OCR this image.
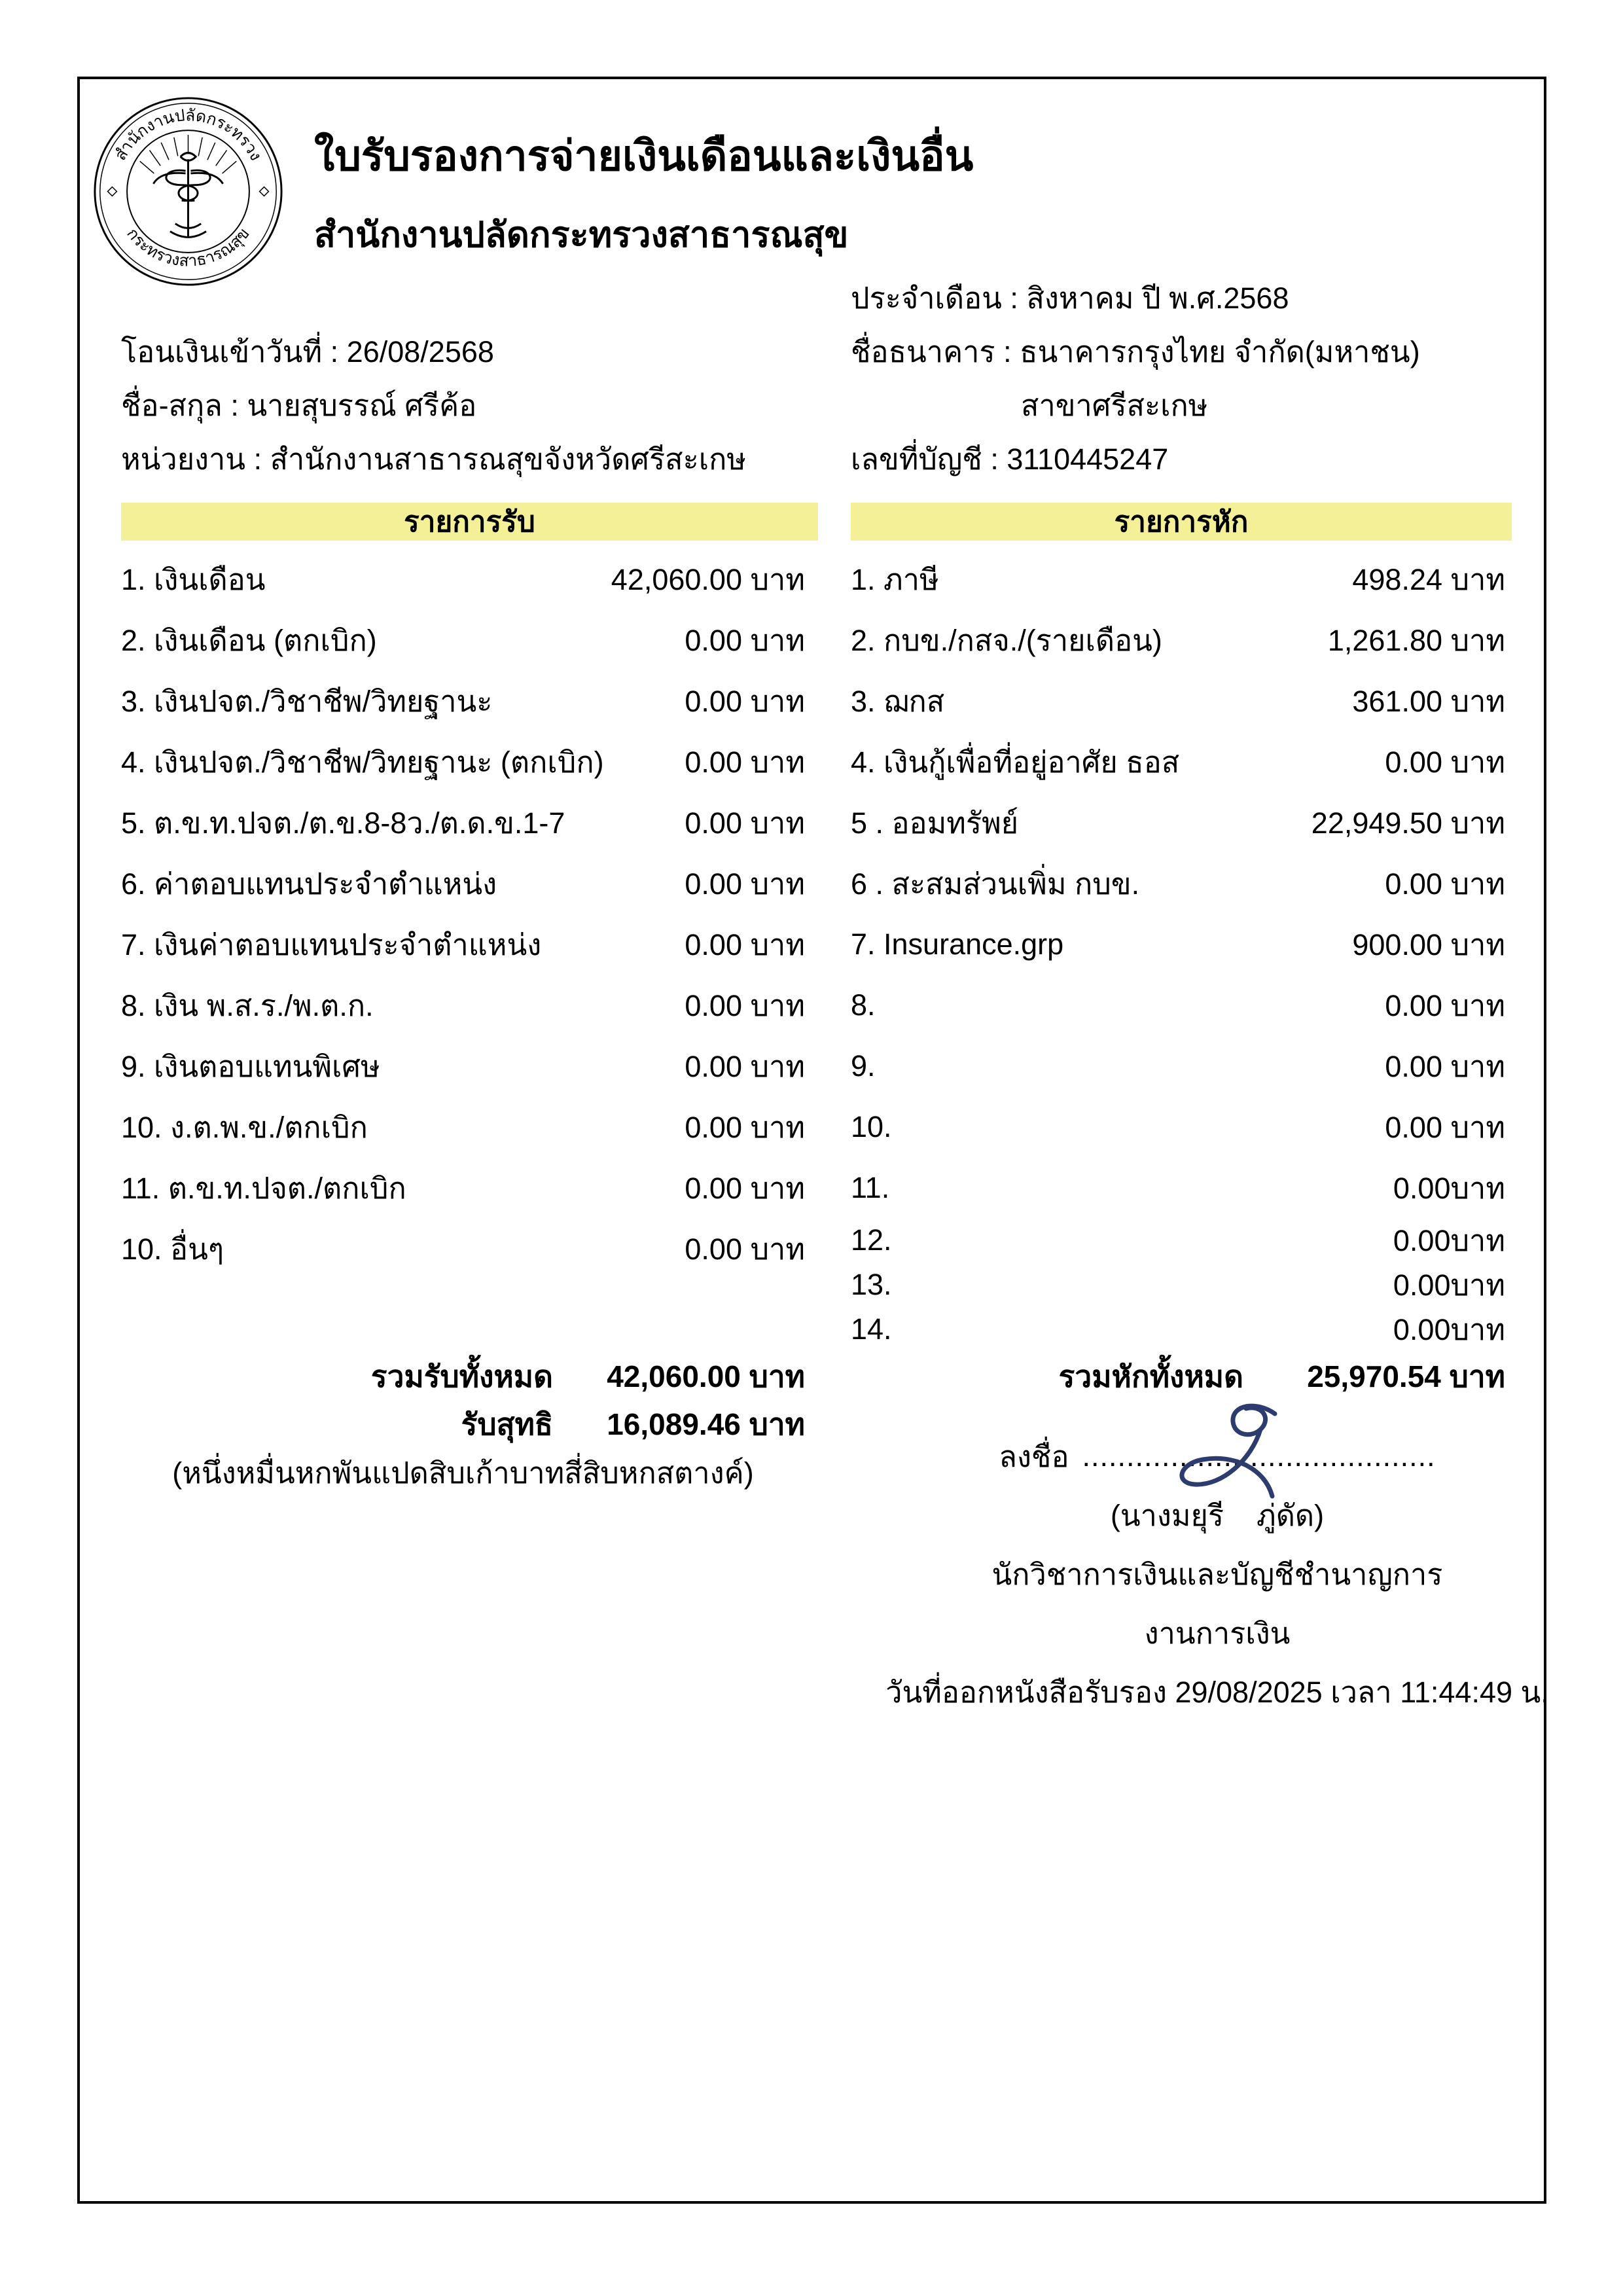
สำนักงานปลัดกระทรวง
กระทรวงสาธารณสุข
ใบรับรองการจ่ายเงินเดือนและเงินอื่น
สำนักงานปลัดกระทรวงสาธารณสุข
ประจำเดือน : สิงหาคม ปี พ.ศ.2568
โอนเงินเข้าวันที่ : 26/08/2568	ชื่อธนาคาร : ธนาคารกรุงไทย จำกัด(มหาชน)
ชื่อ-สกุล : นายสุบรรณ์ ศรีค้อ	สาขาศรีสะเกษ
หน่วยงาน : สำนักงานสาธารณสุขจังหวัดศรีสะเกษ	เลขที่บัญชี : 3110445247
รายการรับ	รายการหัก
1. เงินเดือน	42,060.00 บาท
2. เงินเดือน (ตกเบิก)	0.00 บาท
3. เงินปจต./วิชาชีพ/วิทยฐานะ	0.00 บาท
4. เงินปจต./วิชาชีพ/วิทยฐานะ (ตกเบิก)	0.00 บาท
5. ต.ข.ท.ปจต./ต.ข.8-8ว./ต.ด.ข.1-7	0.00 บาท
6. ค่าตอบแทนประจำตำแหน่ง	0.00 บาท
7. เงินค่าตอบแทนประจำตำแหน่ง	0.00 บาท
8. เงิน พ.ส.ร./พ.ต.ก.	0.00 บาท
9. เงินตอบแทนพิเศษ	0.00 บาท
10. ง.ต.พ.ข./ตกเบิก	0.00 บาท
11. ต.ข.ท.ปจต./ตกเบิก	0.00 บาท
10. อื่นๆ	0.00 บาท
1. ภาษี	498.24 บาท
2. กบข./กสจ./(รายเดือน)	1,261.80 บาท
3. ฌกส	361.00 บาท
4. เงินกู้เพื่อที่อยู่อาศัย ธอส	0.00 บาท
5 . ออมทรัพย์	22,949.50 บาท
6 . สะสมส่วนเพิ่ม กบข.	0.00 บาท
7. Insurance.grp	900.00 บาท
8.	0.00 บาท
9.	0.00 บาท
10.	0.00 บาท
11.	0.00บาท
12.	0.00บาท
13.	0.00บาท
14.	0.00บาท
รวมรับทั้งหมด	42,060.00 บาท
รับสุทธิ	16,089.46 บาท
(หนึ่งหมื่นหกพันแปดสิบเก้าบาทสี่สิบหกสตางค์)
รวมหักทั้งหมด	25,970.54 บาท
ลงชื่อ ........................................
(นางมยุรี    ภู่ดัด)
นักวิชาการเงินและบัญชีชำนาญการ
งานการเงิน
วันที่ออกหนังสือรับรอง 29/08/2025 เวลา 11:44:49 น.
